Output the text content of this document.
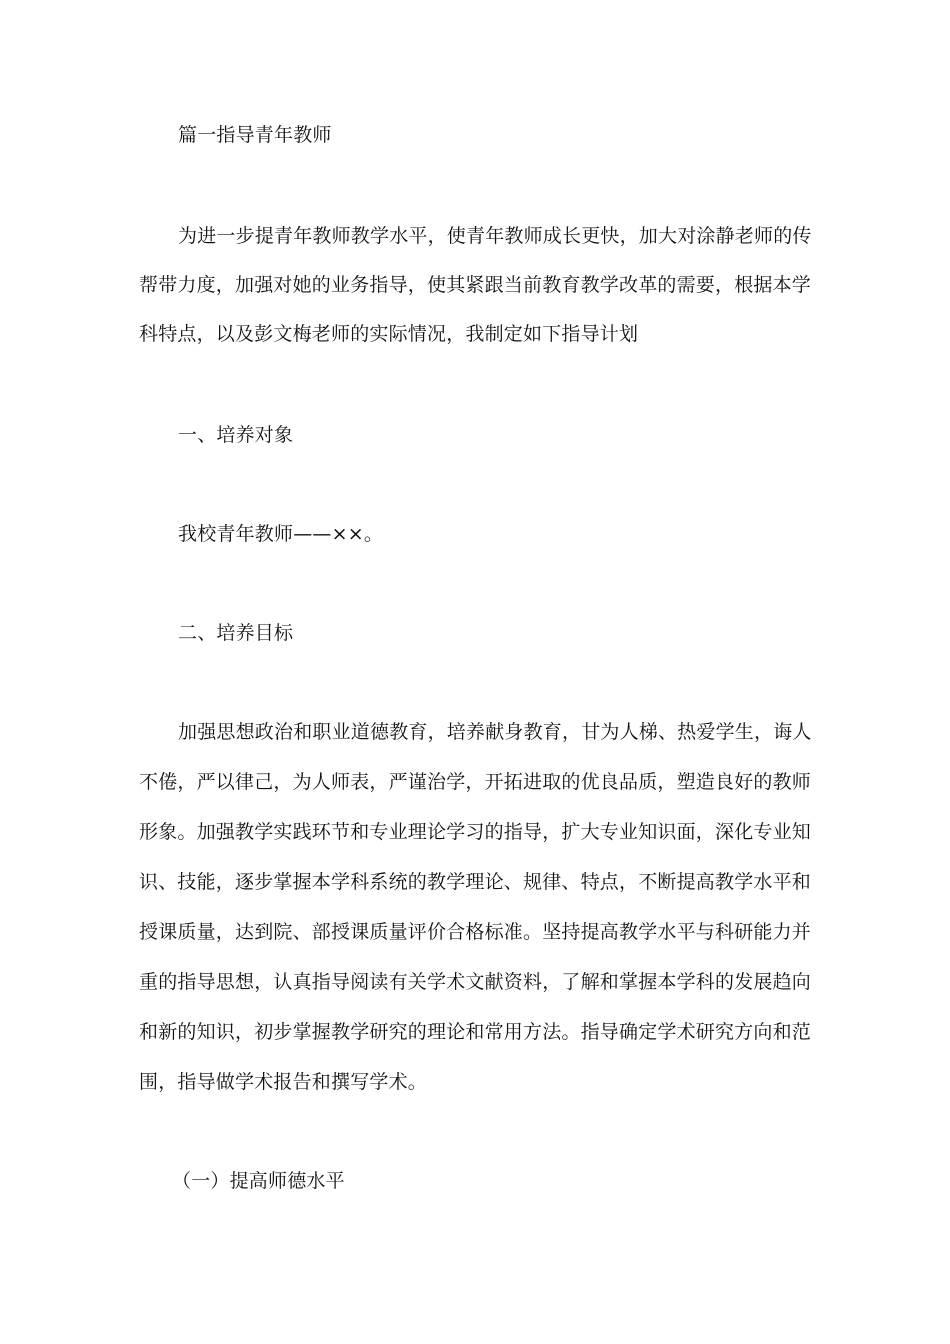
篇一指导青年教师
为进一步提青年教师教学水平，使青年教师成长更快，加大对涂静老师的传
帮带力度，加强对她的业务指导，使其紧跟当前教育教学改革的需要，根据本学
科特点，以及彭文梅老师的实际情况，我制定如下指导计划
一、培养对象
我校青年教师——××。
二、培养目标
加强思想政治和职业道德教育，培养献身教育，甘为人梯、热爱学生，诲人
不倦，严以律己，为人师表，严谨治学，开拓进取的优良品质，塑造良好的教师
形象。加强教学实践环节和专业理论学习的指导，扩大专业知识面，深化专业知
识、技能，逐步掌握本学科系统的教学理论、规律、特点，不断提高教学水平和
授课质量，达到院、部授课质量评价合格标准。坚持提高教学水平与科研能力并
重的指导思想，认真指导阅读有关学术文献资料，了解和掌握本学科的发展趋向
和新的知识，初步掌握教学研究的理论和常用方法。指导确定学术研究方向和范
围，指导做学术报告和撰写学术。
（一）提高师德水平
